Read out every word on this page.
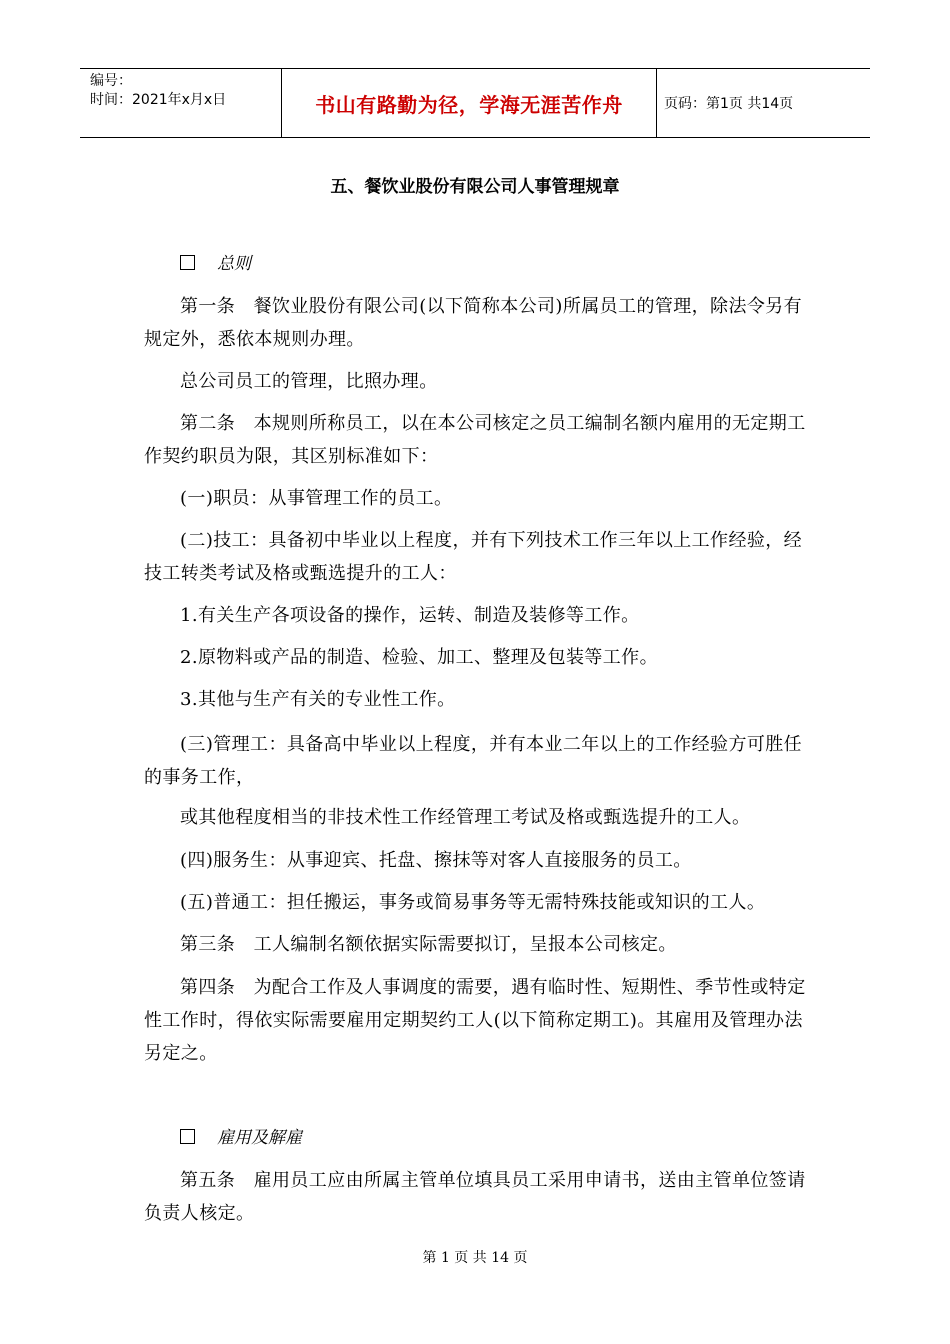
编号：
时间：2021年x月x日	书山有路勤为径，学海无涯苦作舟	页码：第1页 共14页
五、餐饮业股份有限公司人事管理规章
总则
第一条　餐饮业股份有限公司(以下简称本公司)所属员工的管理，除法令另有规定外，悉依本规则办理。
总公司员工的管理，比照办理。
第二条　本规则所称员工，以在本公司核定之员工编制名额内雇用的无定期工作契约职员为限，其区别标准如下：
(一)职员：从事管理工作的员工。
(二)技工：具备初中毕业以上程度，并有下列技术工作三年以上工作经验，经技工转类考试及格或甄选提升的工人：
1.有关生产各项设备的操作，运转、制造及装修等工作。
2.原物料或产品的制造、检验、加工、整理及包装等工作。
3.其他与生产有关的专业性工作。
(三)管理工：具备高中毕业以上程度，并有本业二年以上的工作经验方可胜任的事务工作，
或其他程度相当的非技术性工作经管理工考试及格或甄选提升的工人。
(四)服务生：从事迎宾、托盘、擦抹等对客人直接服务的员工。
(五)普通工：担任搬运，事务或简易事务等无需特殊技能或知识的工人。
第三条　工人编制名额依据实际需要拟订，呈报本公司核定。
第四条　为配合工作及人事调度的需要，遇有临时性、短期性、季节性或特定性工作时，得依实际需要雇用定期契约工人(以下简称定期工)。其雇用及管理办法另定之。
雇用及解雇
第五条　雇用员工应由所属主管单位填具员工采用申请书，送由主管单位签请负责人核定。
第 1 页 共 14 页
